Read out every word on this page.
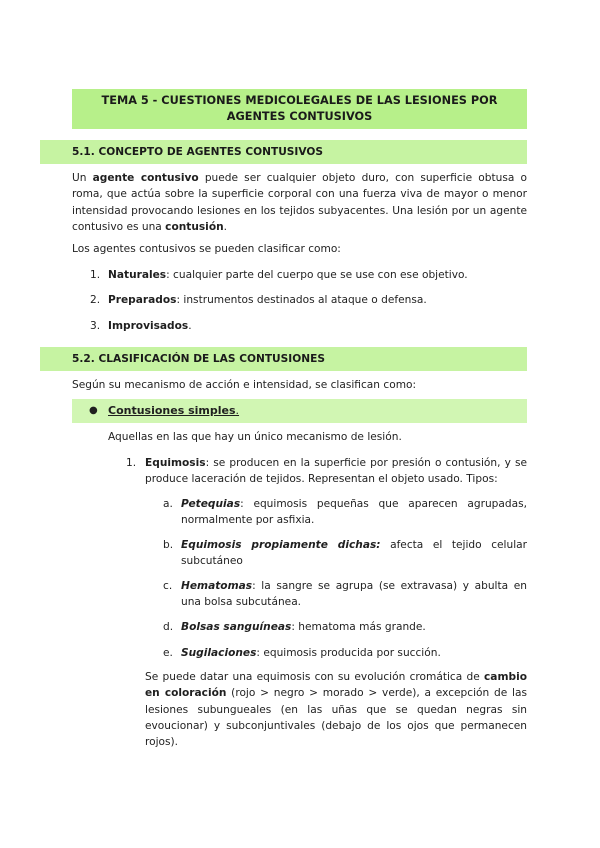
TEMA 5 - CUESTIONES MEDICOLEGALES DE LAS LESIONES POR
AGENTES CONTUSIVOS
5.1. CONCEPTO DE AGENTES CONTUSIVOS
Un agente contusivo puede ser cualquier objeto duro, con superficie obtusa o roma, que actúa sobre la superficie corporal con una fuerza viva de mayor o menor intensidad provocando lesiones en los tejidos subyacentes. Una lesión por un agente contusivo es una contusión.
Los agentes contusivos se pueden clasificar como:
1. Naturales: cualquier parte del cuerpo que se use con ese objetivo.
2. Preparados: instrumentos destinados al ataque o defensa.
3. Improvisados.
5.2. CLASIFICACIÓN DE LAS CONTUSIONES
Según su mecanismo de acción e intensidad, se clasifican como:
● Contusiones simples.
Aquellas en las que hay un único mecanismo de lesión.
1. Equimosis: se producen en la superficie por presión o contusión, y se produce laceración de tejidos. Representan el objeto usado. Tipos:
a. Petequias: equimosis pequeñas que aparecen agrupadas, normalmente por asfixia.
b. Equimosis propiamente dichas: afecta el tejido celular subcutáneo
c. Hematomas: la sangre se agrupa (se extravasa) y abulta en una bolsa subcutánea.
d. Bolsas sanguíneas: hematoma más grande.
e. Sugilaciones: equimosis producida por succión.
Se puede datar una equimosis con su evolución cromática de cambio en coloración (rojo > negro > morado > verde), a excepción de las lesiones subungueales (en las uñas que se quedan negras sin evoucionar) y subconjuntivales (debajo de los ojos que permanecen rojos).
